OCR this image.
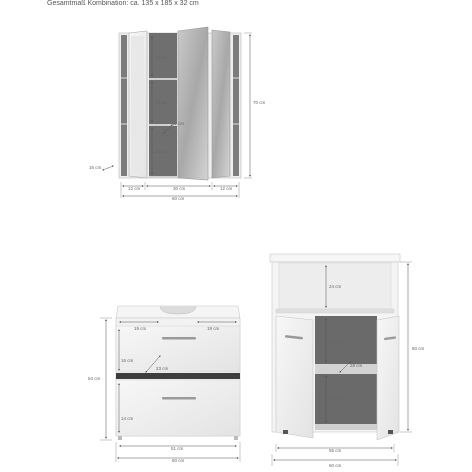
Gesamtmaß Kombination: ca. 135 x 185 x 32 cm
25 cm
22 cm
21 cm
11 cm
16 cm
70 cm
12 cm	30 cm	12 cm
60 cm
19 cm	19 cm
16 cm
23 cm
14 cm
54 cm
51 cm
60 cm
24 cm
24 cm
28 cm
24 cm
80 cm
55 cm
60 cm
